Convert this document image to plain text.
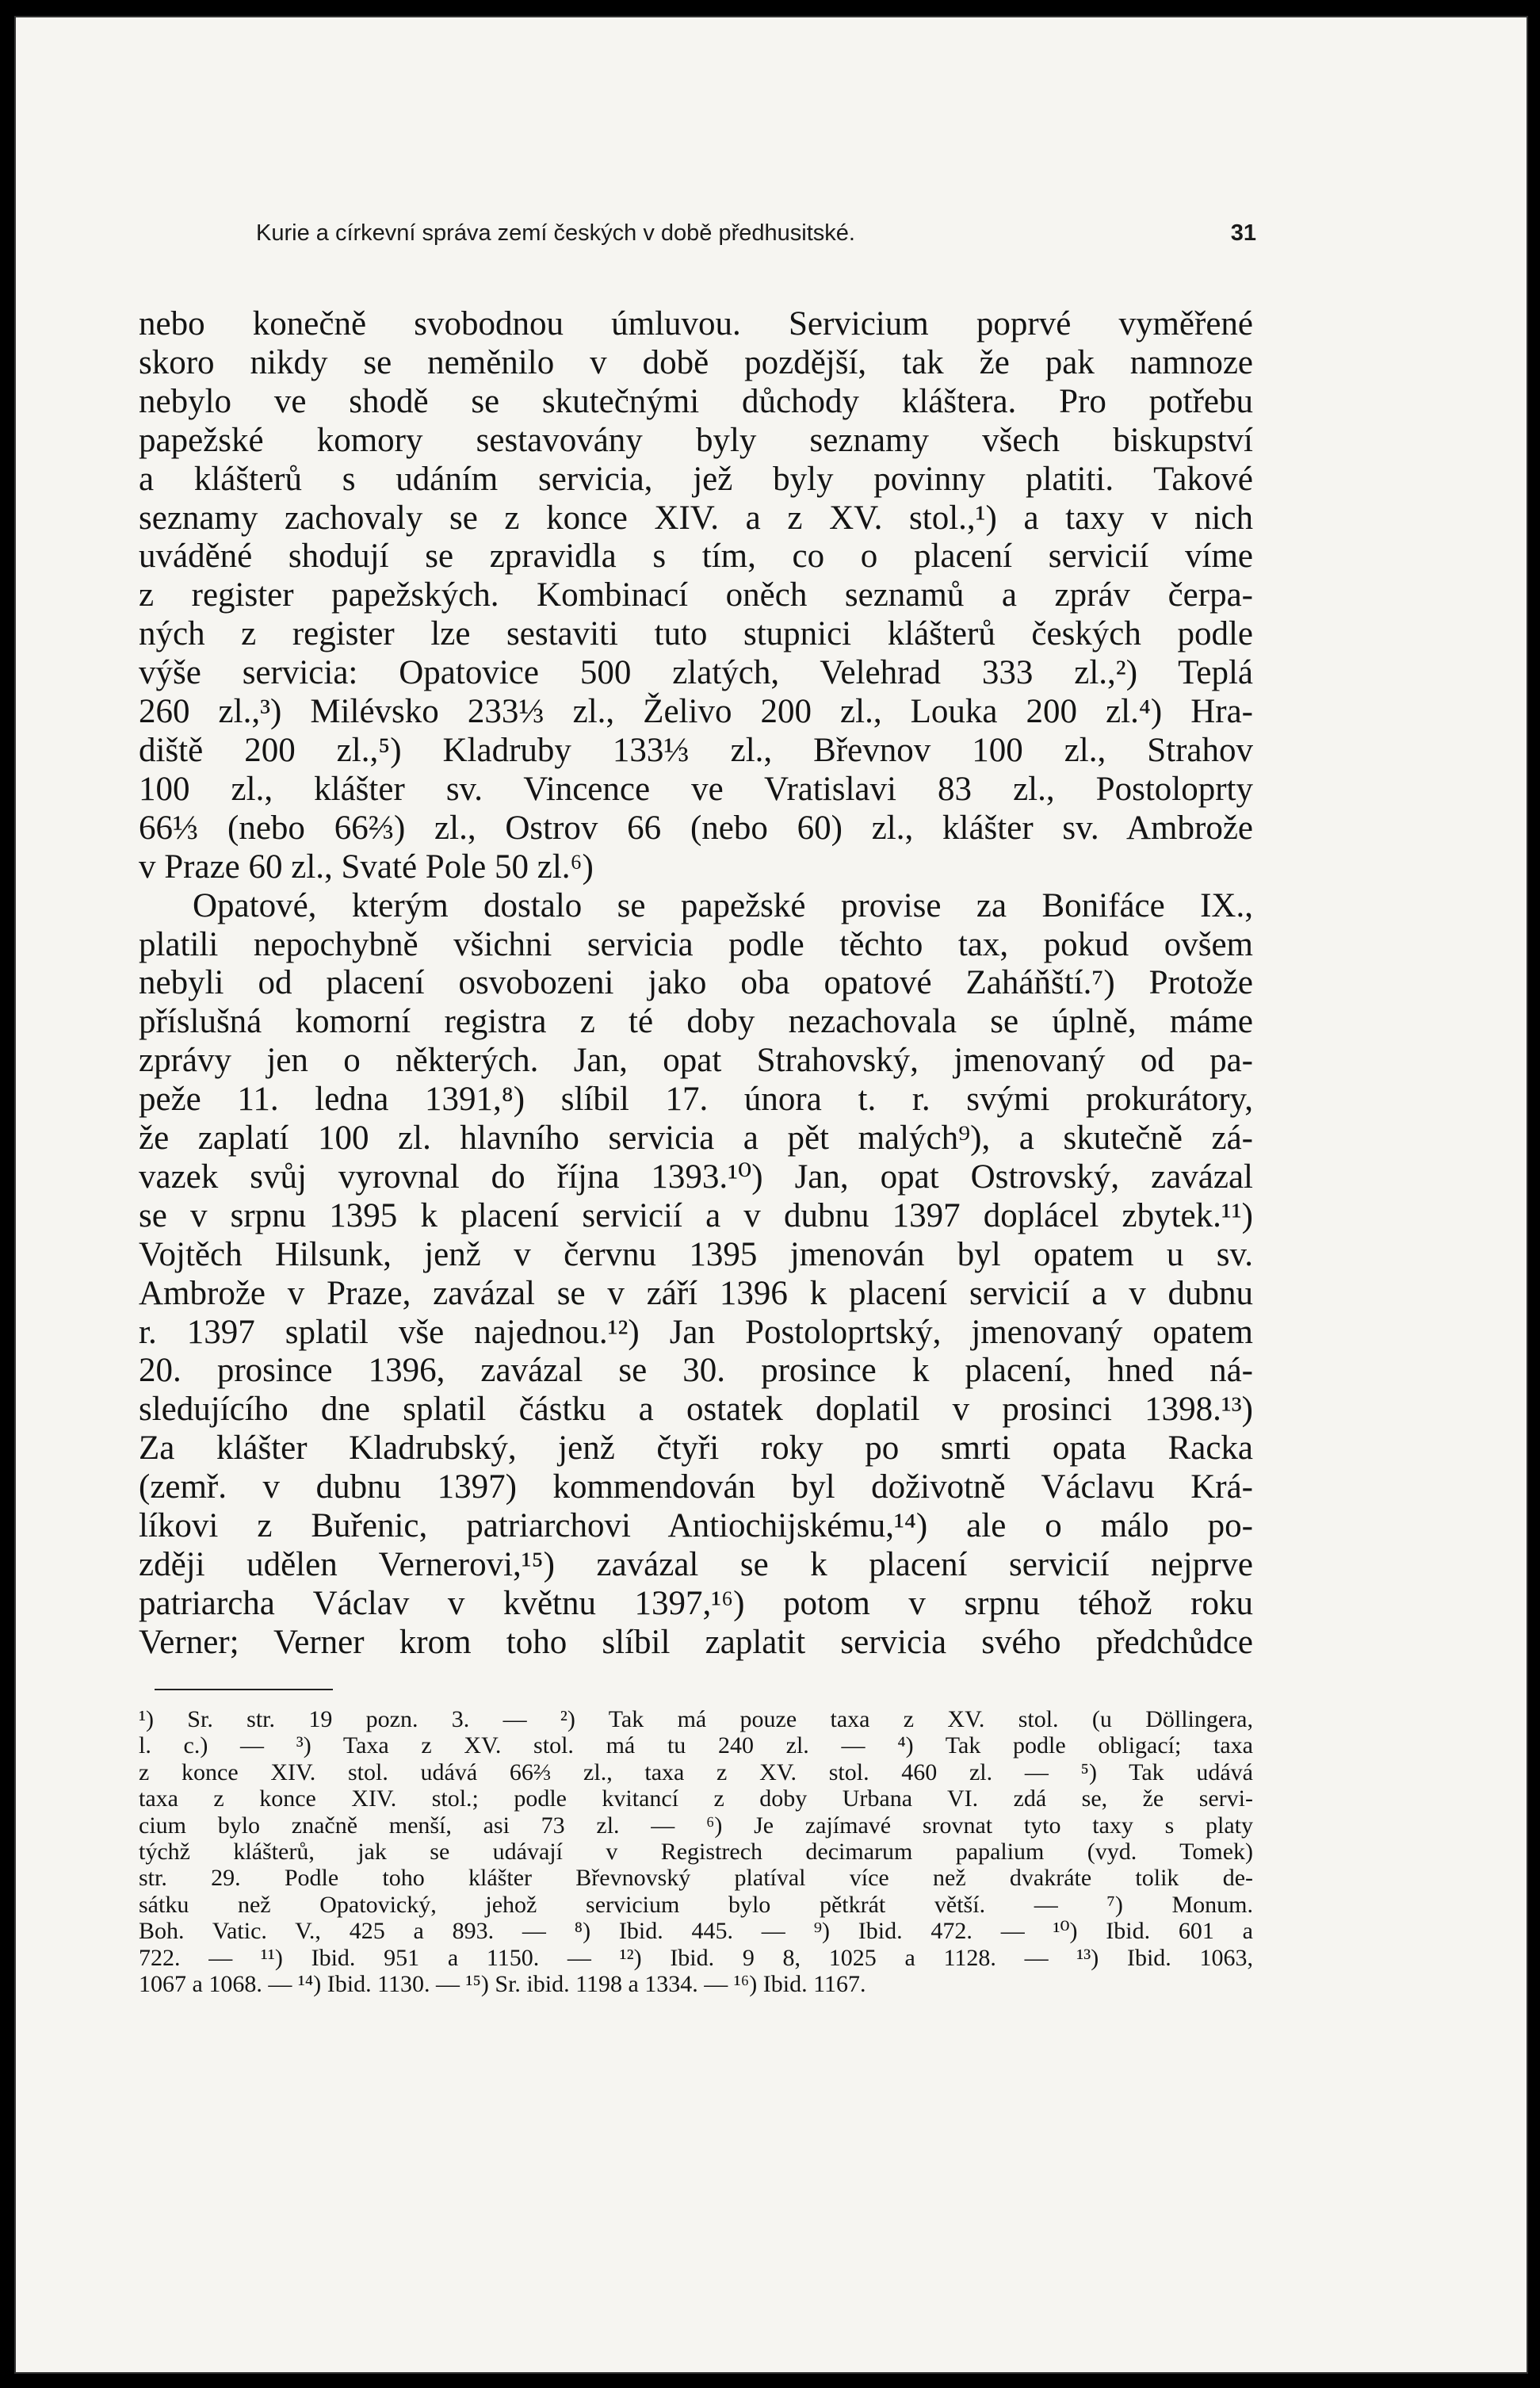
Kurie a církevní správa zemí českých v době předhusitské.	31

nebo konečně svobodnou úmluvou. Servicium poprvé vyměřené

skoro nikdy se neměnilo v době pozdější, tak že pak namnoze

nebylo ve shodě se skutečnými důchody kláštera. Pro potřebu

papežské komory sestavovány byly seznamy všech biskupství

a klášterů s udáním servicia, jež byly povinny platiti. Takové

seznamy zachovaly se z konce XIV. a z XV. stol.,¹) a taxy v nich

uváděné shodují se zpravidla s tím, co o placení servicií víme

z register papežských. Kombinací oněch seznamů a zpráv čerpa-

ných z register lze sestaviti tuto stupnici klášterů českých podle

výše servicia: Opatovice 500 zlatých, Velehrad 333 zl.,²) Teplá

260 zl.,³) Milévsko 233⅓ zl., Želivo 200 zl., Louka 200 zl.⁴) Hra-

diště 200 zl.,⁵) Kladruby 133⅓ zl., Břevnov 100 zl., Strahov

100 zl., klášter sv. Vincence ve Vratislavi 83 zl., Postoloprty

66⅓ (nebo 66⅔) zl., Ostrov 66 (nebo 60) zl., klášter sv. Ambrože

v Praze 60 zl., Svaté Pole 50 zl.⁶)

Opatové, kterým dostalo se papežské provise za Bonifáce IX.,

platili nepochybně všichni servicia podle těchto tax, pokud ovšem

nebyli od placení osvobozeni jako oba opatové Zaháňští.⁷) Protože

příslušná komorní registra z té doby nezachovala se úplně, máme

zprávy jen o některých. Jan, opat Strahovský, jmenovaný od pa-

peže 11. ledna 1391,⁸) slíbil 17. února t. r. svými prokurátory,

že zaplatí 100 zl. hlavního servicia a pět malých⁹), a skutečně zá-

vazek svůj vyrovnal do října 1393.¹⁰) Jan, opat Ostrovský, zavázal

se v srpnu 1395 k placení servicií a v dubnu 1397 doplácel zbytek.¹¹)

Vojtěch Hilsunk, jenž v červnu 1395 jmenován byl opatem u sv.

Ambrože v Praze, zavázal se v září 1396 k placení servicií a v dubnu

r. 1397 splatil vše najednou.¹²) Jan Postoloprtský, jmenovaný opatem

20. prosince 1396, zavázal se 30. prosince k placení, hned ná-

sledujícího dne splatil částku a ostatek doplatil v prosinci 1398.¹³)

Za klášter Kladrubský, jenž čtyři roky po smrti opata Racka

(zemř. v dubnu 1397) kommendován byl doživotně Václavu Krá-

líkovi z Buřenic, patriarchovi Antiochijskému,¹⁴) ale o málo po-

zději udělen Vernerovi,¹⁵) zavázal se k placení servicií nejprve

patriarcha Václav v květnu 1397,¹⁶) potom v srpnu téhož roku

Verner; Verner krom toho slíbil zaplatit servicia svého předchůdce

¹) Sr. str. 19 pozn. 3. — ²) Tak má pouze taxa z XV. stol. (u Döllingera,

l. c.) — ³) Taxa z XV. stol. má tu 240 zl. — ⁴) Tak podle obligací; taxa

z konce XIV. stol. udává 66⅔ zl., taxa z XV. stol. 460 zl. — ⁵) Tak udává

taxa z konce XIV. stol.; podle kvitancí z doby Urbana VI. zdá se, že servi-

cium bylo značně menší, asi 73 zl. — ⁶) Je zajímavé srovnat tyto taxy s platy

týchž klášterů, jak se udávají v Registrech decimarum papalium (vyd. Tomek)

str. 29. Podle toho klášter Břevnovský platíval více než dvakráte tolik de-

sátku než Opatovický, jehož servicium bylo pětkrát větší. — ⁷) Monum.

Boh. Vatic. V., 425 a 893. — ⁸) Ibid. 445. — ⁹) Ibid. 472. — ¹⁰) Ibid. 601 a

722. — ¹¹) Ibid. 951 a 1150. — ¹²) Ibid. 9 8, 1025 a 1128. — ¹³) Ibid. 1063,

1067 a 1068. — ¹⁴) Ibid. 1130. — ¹⁵) Sr. ibid. 1198 a 1334. — ¹⁶) Ibid. 1167.
